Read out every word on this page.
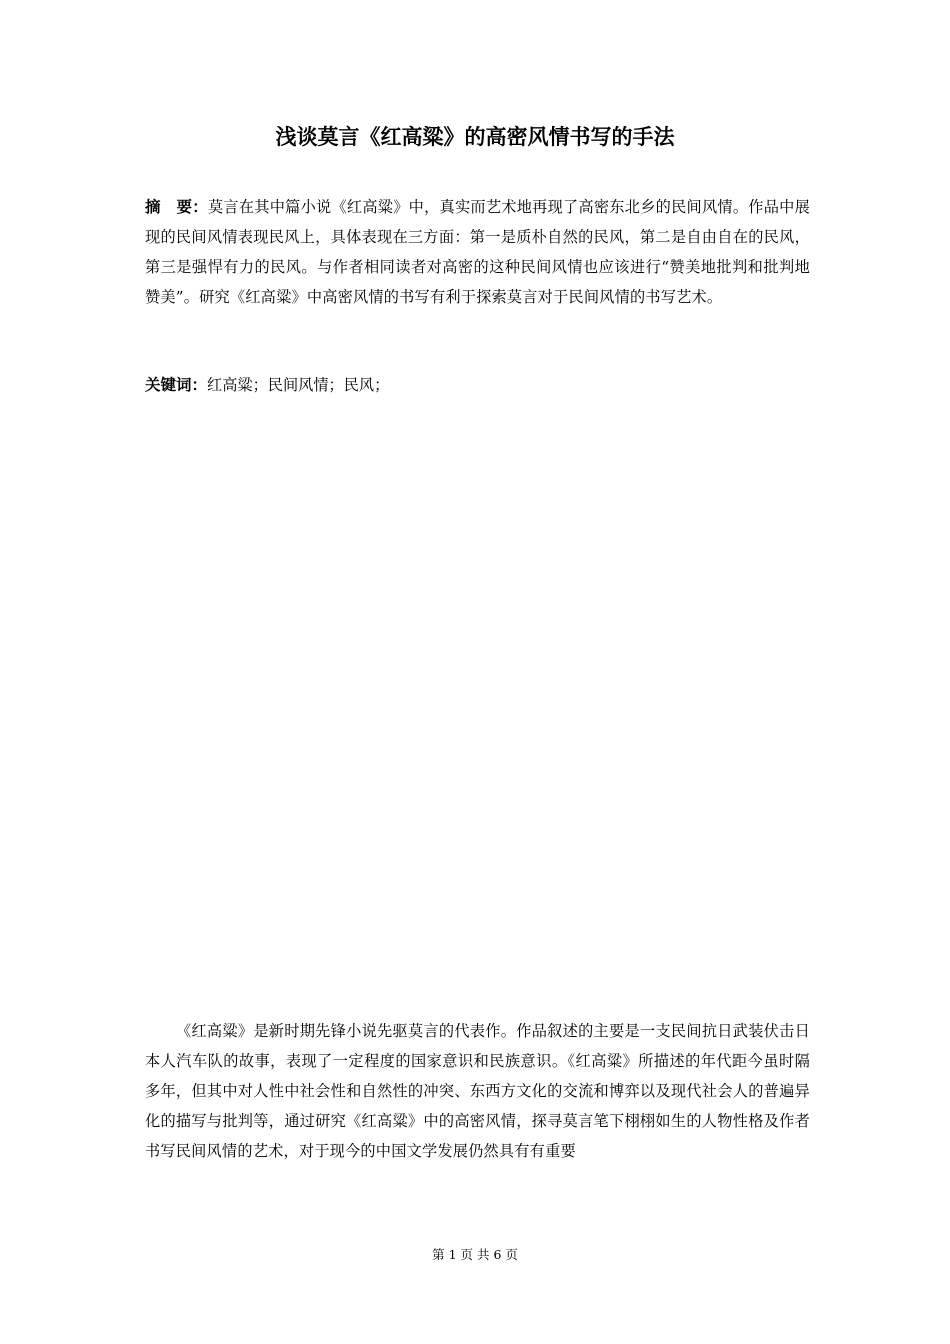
浅谈莫言《红高粱》的高密风情书写的手法
摘　要：莫言在其中篇小说《红高粱》中，真实而艺术地再现了高密东北乡的民间风情。作品中展现的民间风情表现民风上，具体表现在三方面：第一是质朴自然的民风，第二是自由自在的民风，第三是强悍有力的民风。与作者相同读者对高密的这种民间风情也应该进行“赞美地批判和批判地赞美”。研究《红高粱》中高密风情的书写有利于探索莫言对于民间风情的书写艺术。
关键词：红高粱；民间风情；民风；
《红高粱》是新时期先锋小说先驱莫言的代表作。作品叙述的主要是一支民间抗日武装伏击日本人汽车队的故事，表现了一定程度的国家意识和民族意识。《红高粱》所描述的年代距今虽时隔多年，但其中对人性中社会性和自然性的冲突、东西方文化的交流和博弈以及现代社会人的普遍异化的描写与批判等，通过研究《红高粱》中的高密风情，探寻莫言笔下栩栩如生的人物性格及作者书写民间风情的艺术，对于现今的中国文学发展仍然具有有重要
第 1 页 共 6 页
